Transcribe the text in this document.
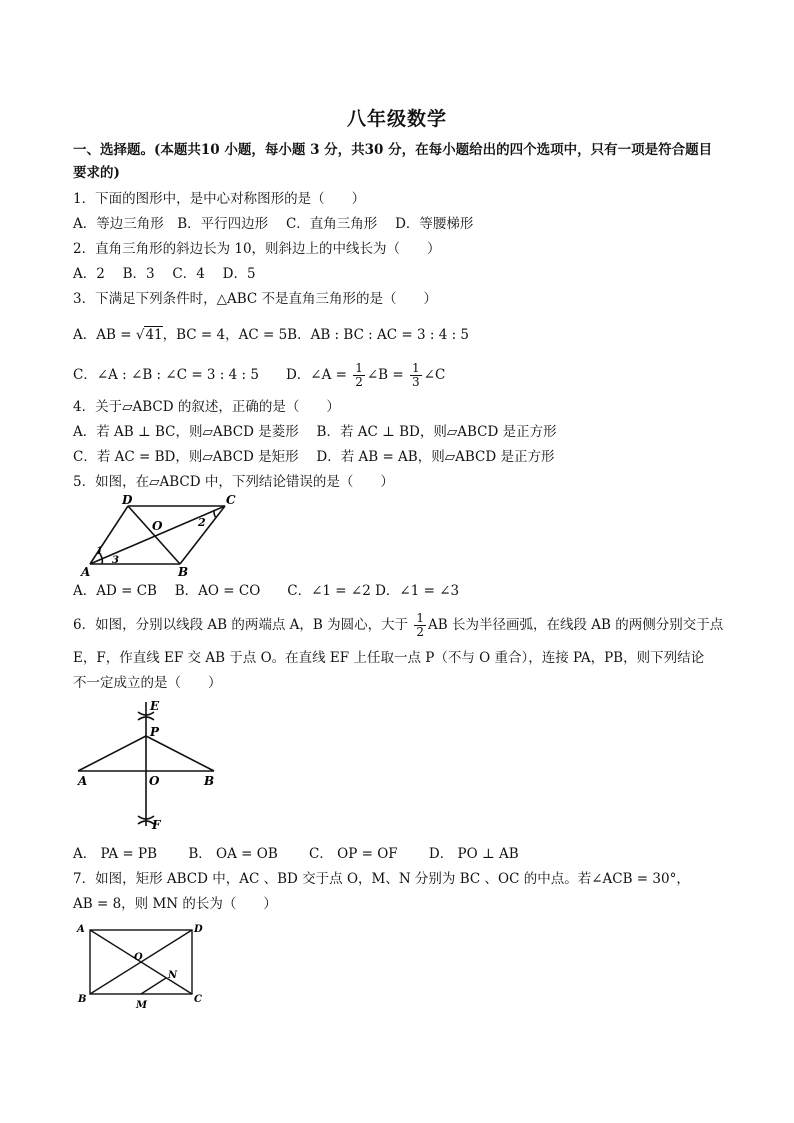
八年级数学
一、选择题。(本题共10 小题，每小题 3 分，共30 分，在每小题给出的四个选项中，只有一项是符合题目
要求的)
1．下面的图形中，是中心对称图形的是（　　）
A．等边三角形　B．平行四边形　 C．直角三角形　 D．等腰梯形
2．直角三角形的斜边长为 10，则斜边上的中线长为（　　）
A．2　 B．3　 C．4　 D．5
3．下满足下列条件时，△ABC 不是直角三角形的是（　　）
A．AB = √41，BC = 4，AC = 5B．AB : BC : AC = 3 : 4 : 5
C．∠A : ∠B : ∠C = 3 : 4 : 5　　D．∠A = $\frac{1}{2}$ ∠B = $\frac{1}{3}$ ∠C
4．关于▱ABCD 的叙述，正确的是（　　）
A．若 AB ⊥ BC，则▱ABCD 是菱形　 B．若 AC ⊥ BD，则▱ABCD 是正方形
C．若 AC = BD，则▱ABCD 是矩形　 D．若 AB = AB，则▱ABCD 是正方形
5．如图，在▱ABCD 中，下列结论错误的是（　　）
A	B
C
D
O
1
2
3
A．AD = CB　 B．AO = CO　　C．∠1 = ∠2 D．∠1 = ∠3
6．如图，分别以线段 AB 的两端点 A，B 为圆心，大于 $\frac{1}{2}$ AB 长为半径画弧，在线段 AB 的两侧分别交于点
E，F，作直线 EF 交 AB 于点 O。在直线 EF 上任取一点 P（不与 O 重合），连接 PA，PB，则下列结论
不一定成立的是（　　）
E
P
A	O	B
F
A． PA = PB　　 B． OA = OB　　 C． OP = OF　　 D． PO ⊥ AB
7．如图，矩形 ABCD 中，AC 、BD 交于点 O，M、N 分别为 BC 、OC 的中点。若∠ACB = 30°，
AB = 8，则 MN 的长为（　　）
A	D
B	C
O
N
M
